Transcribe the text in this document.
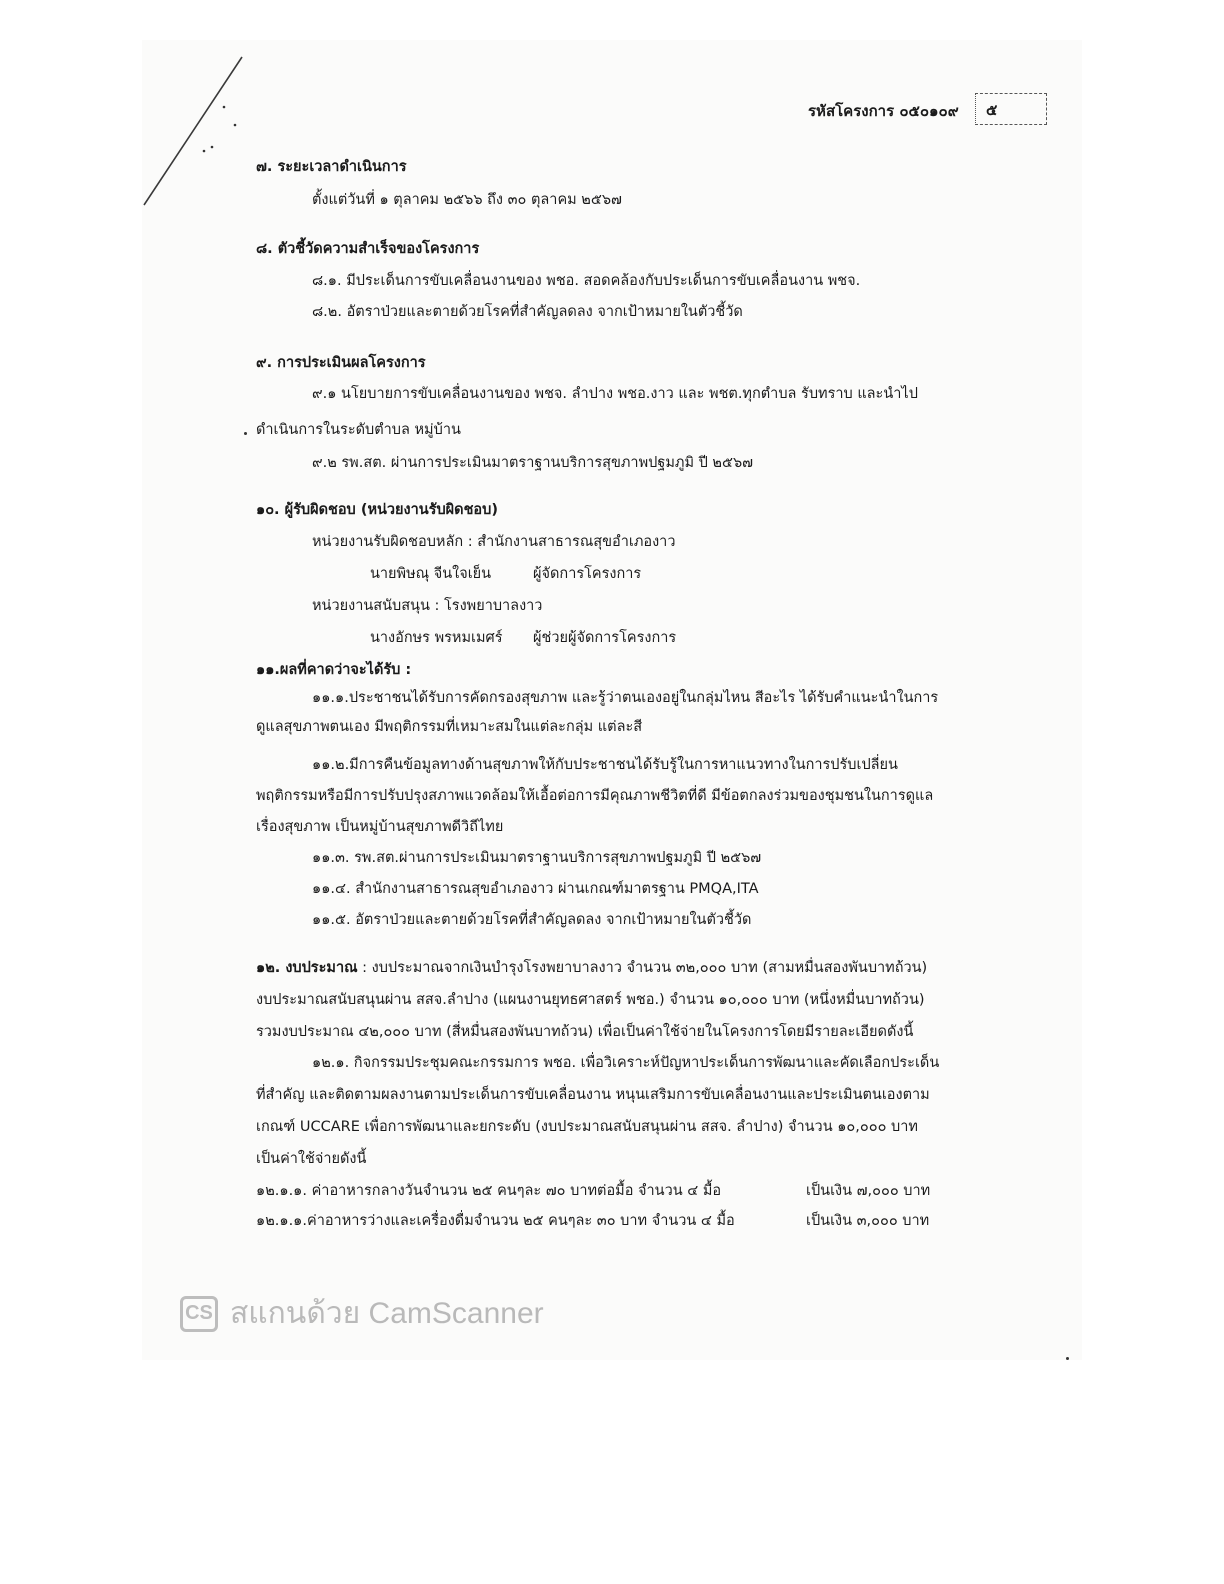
รหัสโครงการ ๐๕๐๑๐๙ ๕
๗. ระยะเวลาดำเนินการ
ตั้งแต่วันที่ ๑ ตุลาคม ๒๕๖๖ ถึง ๓๐ ตุลาคม ๒๕๖๗
๘. ตัวชี้วัดความสำเร็จของโครงการ
๘.๑. มีประเด็นการขับเคลื่อนงานของ พชอ. สอดคล้องกับประเด็นการขับเคลื่อนงาน พชจ.
๘.๒. อัตราป่วยและตายด้วยโรคที่สำคัญลดลง จากเป้าหมายในตัวชี้วัด
๙. การประเมินผลโครงการ
๙.๑ นโยบายการขับเคลื่อนงานของ พชจ. ลำปาง พชอ.งาว และ พชต.ทุกตำบล รับทราบ และนำไป
ดำเนินการในระดับตำบล หมู่บ้าน
๙.๒ รพ.สต. ผ่านการประเมินมาตราฐานบริการสุขภาพปฐมภูมิ ปี ๒๕๖๗
๑๐. ผู้รับผิดชอบ (หน่วยงานรับผิดชอบ)
หน่วยงานรับผิดชอบหลัก : สำนักงานสาธารณสุขอำเภองาว
นายพิษณุ จีนใจเย็น	ผู้จัดการโครงการ
หน่วยงานสนับสนุน : โรงพยาบาลงาว
นางอักษร พรหมเมศร์ ผู้ช่วยผู้จัดการโครงการ
๑๑.ผลที่คาดว่าจะได้รับ :
๑๑.๑.ประชาชนได้รับการคัดกรองสุขภาพ และรู้ว่าตนเองอยู่ในกลุ่มไหน สีอะไร ได้รับคำแนะนำในการ
ดูแลสุขภาพตนเอง มีพฤติกรรมที่เหมาะสมในแต่ละกลุ่ม แต่ละสี
๑๑.๒.มีการคืนข้อมูลทางด้านสุขภาพให้กับประชาชนได้รับรู้ในการหาแนวทางในการปรับเปลี่ยน
พฤติกรรมหรือมีการปรับปรุงสภาพแวดล้อมให้เอื้อต่อการมีคุณภาพชีวิตที่ดี มีข้อตกลงร่วมของชุมชนในการดูแล
เรื่องสุขภาพ เป็นหมู่บ้านสุขภาพดีวิถีไทย
๑๑.๓. รพ.สต.ผ่านการประเมินมาตราฐานบริการสุขภาพปฐมภูมิ ปี ๒๕๖๗
๑๑.๔. สำนักงานสาธารณสุขอำเภองาว ผ่านเกณฑ์มาตรฐาน PMQA,ITA
๑๑.๕. อัตราป่วยและตายด้วยโรคที่สำคัญลดลง จากเป้าหมายในตัวชี้วัด
๑๒. งบประมาณ : งบประมาณจากเงินบำรุงโรงพยาบาลงาว จำนวน ๓๒,๐๐๐ บาท (สามหมื่นสองพันบาทถ้วน)
งบประมาณสนับสนุนผ่าน สสจ.ลำปาง (แผนงานยุทธศาสตร์ พชอ.) จำนวน ๑๐,๐๐๐ บาท (หนึ่งหมื่นบาทถ้วน)
รวมงบประมาณ ๔๒,๐๐๐ บาท (สี่หมื่นสองพันบาทถ้วน) เพื่อเป็นค่าใช้จ่ายในโครงการโดยมีรายละเอียดดังนี้
๑๒.๑. กิจกรรมประชุมคณะกรรมการ พชอ. เพื่อวิเคราะห์ปัญหาประเด็นการพัฒนาและคัดเลือกประเด็น
ที่สำคัญ และติดตามผลงานตามประเด็นการขับเคลื่อนงาน หนุนเสริมการขับเคลื่อนงานและประเมินตนเองตาม
เกณฑ์ UCCARE เพื่อการพัฒนาและยกระดับ (งบประมาณสนับสนุนผ่าน สสจ. ลำปาง) จำนวน ๑๐,๐๐๐ บาท
เป็นค่าใช้จ่ายดังนี้
๑๒.๑.๑. ค่าอาหารกลางวันจำนวน ๒๕ คนๆละ ๗๐ บาทต่อมื้อ จำนวน ๔ มื้อ	เป็นเงิน ๗,๐๐๐ บาท
๑๒.๑.๑.ค่าอาหารว่างและเครื่องดื่มจำนวน ๒๕ คนๆละ ๓๐ บาท จำนวน ๔ มื้อ	เป็นเงิน ๓,๐๐๐ บาท
CS สแกนด้วย CamScanner
